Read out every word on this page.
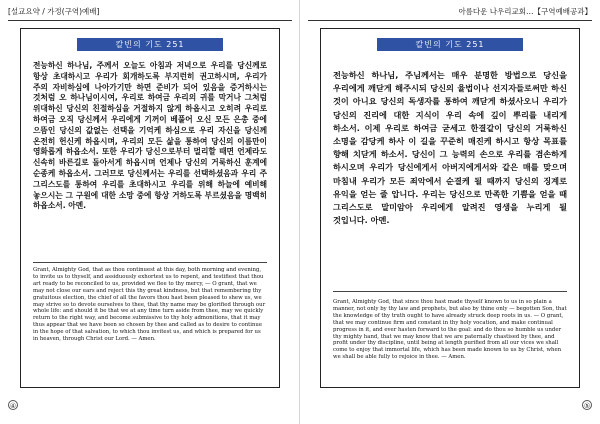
[설교요약 / 가정(구역)예배]
칼빈의 기도 251
전능하신 하나님, 주께서 오늘도 아침과 저녁으로 우리를 당신께로 항상 초대하시고 우리가 회개하도록 부지런히 권고하시며, 우리가 주의 자비하심에 나아가기만 하면 준비가 되어 있음을 증거하시는 것처럼 오 하나님이시여, 우리로 하여금 우리의 귀를 막거나 그처럼 위대하신 당신의 친절하심을 거절하지 않게 하옵시고 오히려 우리로 하여금 오직 당신께서 우리에게 기꺼이 베풀어 오신 모든 은총 중에 으뜸인 당신의 값없는 선택을 기억케 하심으로 우리 자신을 당신께 온전히 헌신케 하옵시며, 우리의 모든 삶을 통하여 당신의 이름만이 영화롭게 하옵소서. 또한 우리가 당신으로부터 멀리할 때면 언제라도 신속히 바른길로 돌아서게 하옵시며 언제나 당신의 거룩하신 훈계에 순종케 하옵소서. 그러므로 당신께서는 우리를 선택하셨음과 우리 주 그리스도를 통하여 우리를 초대하시고 우리를 위해 하늘에 예비해 놓으시는 그 구원에 대한 소망 중에 항상 거하도록 부르셨음을 명백히 하옵소서. 아멘.
Grant, Almighty God, that as thou continuest at this day, both morning and evening, to invite us to thyself, and assiduously exhortest us to repent, and testifiest that thou art ready to be reconciled to us, provided we flee to thy mercy, — O grant, that we may not close our ears and reject this thy great kindness, but that remembering thy gratuitous election, the chief of all the favors thou hast been pleased to shew us, we may strive so to devote ourselves to thee, that thy name may be glorified through our whole life: and should it be that we at any time turn aside from thee, may we quickly return to the right way, and become submissive to thy holy admonitions, that it may thus appear that we have been so chosen by thee and called as to desire to continue in the hope of that salvation, to which thou invitest us, and which is prepared for us in heaven, through Christ our Lord. — Amen.
④
아름다운 나우리교회…【구역예배공과】
칼빈의 기도 251
전능하신 하나님, 주님께서는 매우 분명한 방법으로 당신을 우리에게 깨닫게 해주시되 당신의 율법이나 선지자들로써만 하신 것이 아니요 당신의 독생자를 통하여 깨닫게 하셨사오니 우리가 당신의 진리에 대한 지식이 우리 속에 깊이 뿌리를 내리게 하소서. 이제 우리로 하여금 굳세고 한결같이 당신의 거룩하신 소명을 감당케 하사 이 길을 꾸준히 매진케 하시고 항상 목표를 향해 치닫게 하소서. 당신이 그 능력의 손으로 우리를 겸손하게 하시오며 우리가 당신에게서 아버지에게서와 같은 매를 맞으며 마침내 우리가 모든 죄악에서 순결케 될 때까지 당신의 징계로 유익을 얻는 줄 압니다. 우리는 당신으로 만족한 기쁨을 얻을 때 그리스도로 말미암아 우리에게 알려진 영생을 누리게 될 것입니다. 아멘.
Grant, Almighty God, that since thou hast made thyself known to us in so plain a manner, not only by thy law and prophets, but also by thine only — begotten Son, that the knowledge of thy truth ought to have already struck deep roots in us. — O grant, that we may continue firm and constant in thy holy vocation, and make continual progress in it, and ever hasten forward to the goal: and do thou so humble us under thy mighty hand, that we may know that we are paternally chastised by thee, and profit under thy discipline, until being at length purified from all our vices we shall come to enjoy that immortal life, which has been made known to us by Christ, when we shall be able fully to rejoice in thee. — Amen.
⑤
